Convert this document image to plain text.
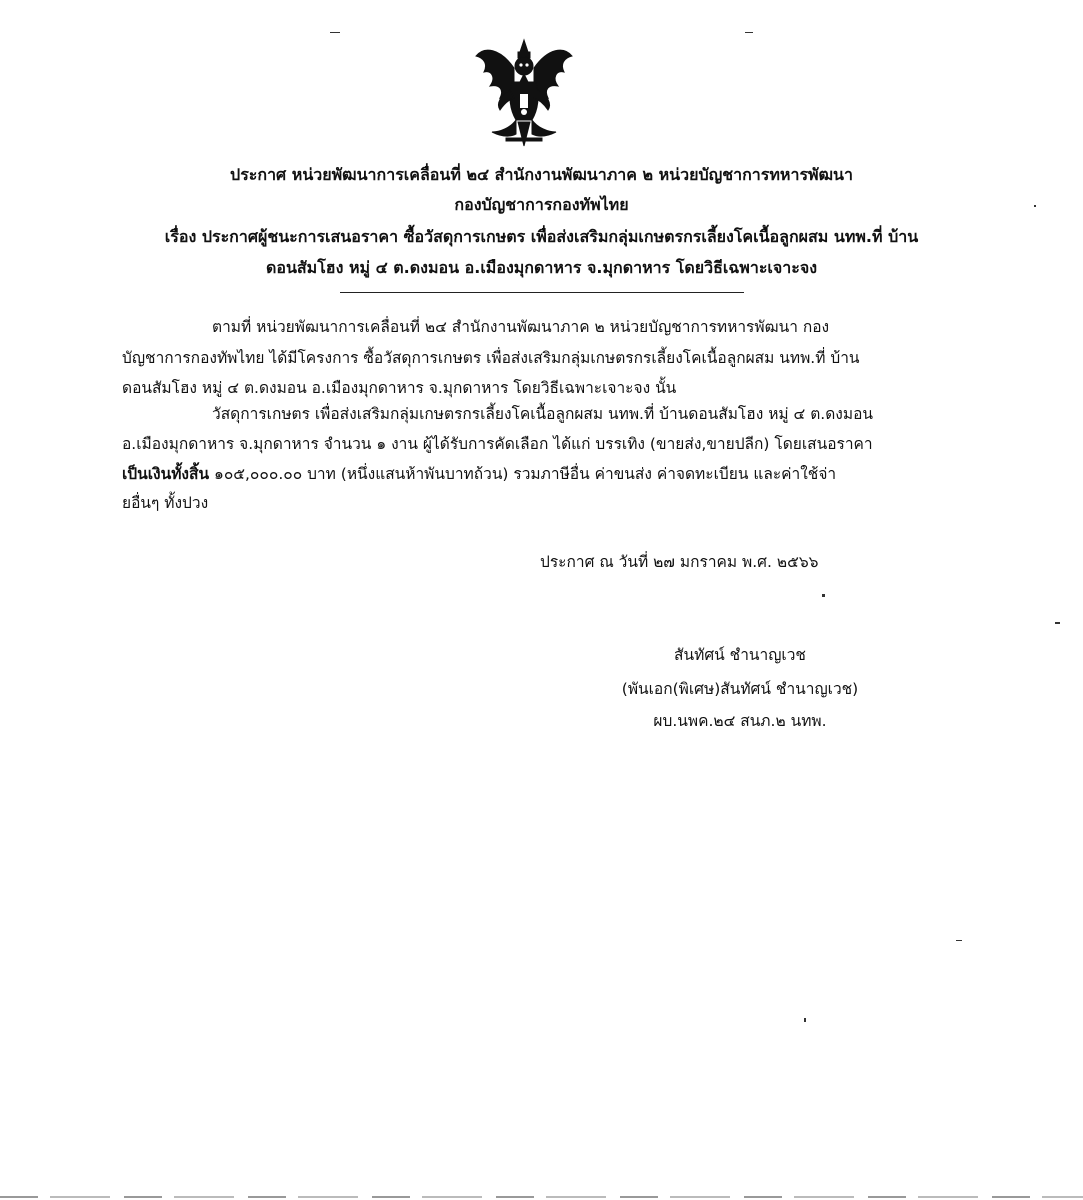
ประกาศ หน่วยพัฒนาการเคลื่อนที่ ๒๔ สำนักงานพัฒนาภาค ๒ หน่วยบัญชาการทหารพัฒนา
กองบัญชาการกองทัพไทย
เรื่อง ประกาศผู้ชนะการเสนอราคา ซื้อวัสดุการเกษตร เพื่อส่งเสริมกลุ่มเกษตรกรเลี้ยงโคเนื้อลูกผสม นทพ.ที่ บ้าน
ดอนสัมโฮง หมู่ ๔ ต.ดงมอน อ.เมืองมุกดาหาร จ.มุกดาหาร โดยวิธีเฉพาะเจาะจง
ตามที่ หน่วยพัฒนาการเคลื่อนที่ ๒๔ สำนักงานพัฒนาภาค ๒ หน่วยบัญชาการทหารพัฒนา กอง
บัญชาการกองทัพไทย ได้มีโครงการ ซื้อวัสดุการเกษตร เพื่อส่งเสริมกลุ่มเกษตรกรเลี้ยงโคเนื้อลูกผสม นทพ.ที่ บ้าน
ดอนสัมโฮง หมู่ ๔ ต.ดงมอน อ.เมืองมุกดาหาร จ.มุกดาหาร โดยวิธีเฉพาะเจาะจง นั้น
วัสดุการเกษตร เพื่อส่งเสริมกลุ่มเกษตรกรเลี้ยงโคเนื้อลูกผสม นทพ.ที่ บ้านดอนสัมโฮง หมู่ ๔ ต.ดงมอน
อ.เมืองมุกดาหาร จ.มุกดาหาร จำนวน ๑ งาน ผู้ได้รับการคัดเลือก ได้แก่ บรรเทิง (ขายส่ง,ขายปลีก) โดยเสนอราคา
เป็นเงินทั้งสิ้น ๑๐๕,๐๐๐.๐๐ บาท (หนึ่งแสนห้าพันบาทถ้วน) รวมภาษีอื่น ค่าขนส่ง ค่าจดทะเบียน และค่าใช้จ่า
ยอื่นๆ ทั้งปวง
ประกาศ ณ วันที่ ๒๗ มกราคม พ.ศ. ๒๕๖๖
สันทัศน์ ชำนาญเวช
(พันเอก(พิเศษ)สันทัศน์ ชำนาญเวช)
ผบ.นพค.๒๔ สนภ.๒ นทพ.
